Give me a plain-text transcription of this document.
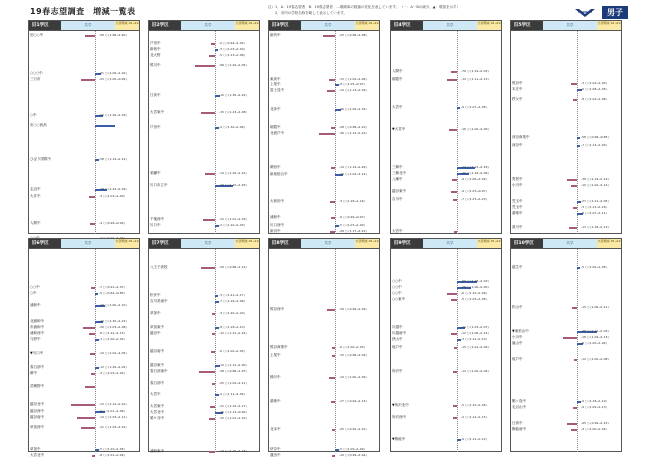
19春志望調査　増減一覧表	注）1．A：19春志望者　B：19春志望者　…増減率の数値の変化を表しています。
　　2．市内の学校名称を略して表示しています。
（－：A－Bの減少、▲：増加を示す）
男子
旧1学区	共学	志望増減 18→19
旧○○中	-56 ○ (1.68→1.60)
○○○中	-31 ○ (1.09→1.02)
三日市	-25 ○ (1.00→0.99)
○中	-53 ○ (1.20→1.03)
市○○西高
ひばり国際中	-58 ○ (1.14→1.14)
志辺中	-18 ○ (1.24→1.09)
大井中	-3 ○ (1.03→1.00)
入間中	-4 ○ (0.96→0.94)
旧2学区	共学	志望増減 18→19
戸田中	-2 ○ (0.94→1.02)
新宿中	-3 ○ (1.03→1.00)
北大野	-5 ○ (1.13→1.08)
熊川中	-68 ○ (1.29→1.05)
日高中	-10 ○ (1.30→1.24)
大宮東中	-15 ○ (1.23→1.08)
戸田中	-9 ○ (1.30→1.06)
梁瀬中	-14 ○ (1.20→1.22)
川口市立中	-43 ○ (1.10→1.25)
千葉西中	-12 ○ (1.01→1.03)
川口中	-2 ○ (1.10→1.03)
旧3学区	共学	志望増減 18→19
新所中	-23 ○ (0.98→1.08)
東高中	-13 ○ (1.02→1.06)
上尾中	-8 ○ (1.05→0.97)
富士見中	-14 ○ (1.13→1.09)
北条中	-46 ○ (1.09→1.32)
朝霞中	-28 ○ (0.98→1.10)
北坂戸中	-36 ○ (1.14→1.43)
蕨西中	-14 ○ (1.14→1.26)
新座総合中	-23 ○ (1.04→1.14)
大和田中	-3 ○ (1.18→1.16)
浦和中	-6 ○ (0.99→0.97)
川口西中	-5 ○ (1.03→1.00)
新羽中	-28 ○ (1.17→1.22)
旧4学区	共学	志望増減 18→19
入間中	-76 ○ (1.19→1.03)
朝霞中	-12 ○ (1.11→1.13)
大宮中	-9 ○ (1.07→1.05)
▼大宮中	-16 ○ (1.00→1.09)
三郷中	-14 ○ (1.12→1.18)
三郷北中	-20 ○ (1.18→1.06)
八潮中	-9 ○ (1.06→1.02)
越谷東中	-9 ○ (1.03→0.97)
吉川中	-7 ○ (1.23→1.23)
大宮中
旧5学区	共学	志望増減 18→19
熊谷中	-3 ○ (1.02→1.00)
本庄中	-6 ○ (1.08→1.05)
秩父中	-8 ○ (1.02→1.06)
深谷商業中	-58 ○ (0.98→0.85)
深谷中	-7 ○ (1.13→1.09)
寄居中	-38 ○ (1.19→1.19)
小川中	-10 ○ (1.02→1.14)
児玉中	-27 ○ (1.21→1.05)
児玉中	-3 ○ (1.13→1.16)
鴻巣中	-8 ○ (1.07→1.11)
滑川中	-13 ○ (1.18→1.13)
旧6学区	共学	志望増減 18→19
○○中	-7 ○ (0.91→1.07)
○中	-5 ○ (0.84→0.85)
浦和中	-19 ○ (1.00→1.10)
北浦和中	-13 ○ (1.30→1.22)
市浦和中	-20 ○ (1.03→1.08)
浦和西中	-8 ○ (1.22→1.15)
与野中	-3 ○ (1.00→1.02)
▼川口中	-10 ○ (1.02→1.05)
春日部中	-12 ○ (1.20→1.02)
蕨中	-4 ○ (1.03→1.02)
武蔵野中
越谷北中	-13 ○ (1.12→1.01)
越谷西中	-9 ○ (1.01→1.06)
越谷南中	-14 ○ (1.03→1.11)
草加西中	-11 ○ (1.03→1.01)
草加中	-5 ○ (1.10→1.05)
大宮北中	-8 ○ (1.01→1.04)
旧7学区	共学	志望増減 18→19
八王子高校	-34 ○ (0.86→1.12)
松伏中	-3 ○ (1.41→1.17)
吉川美南中	-7 ○ (1.16→1.08)
草加中	-3 ○ (1.20→1.20)
草加東中	-8 ○ (1.18→1.10)
越谷中	-12 ○ (1.21→1.24)
越谷南中	-6 ○ (1.00→1.05)
越谷東中	-10 ○ (1.11→1.00)
春日部東中	-38 ○ (0.86→1.07)
春日部中	-25 ○ (1.02→1.11)
大宮中	-9 ○ (1.11→1.04)
大宮東中	-11 ○ (1.10→1.17)
大宮北中	-16 ○ (1.13→0.99)
鳩ケ谷中	-15 ○ (1.01→1.10)
浦和東中	-13 ○ (1.29→1.16)
旧8学区	共学	志望増減 18→19
熊谷西中	-39 ○ (0.99→1.09)
熊谷商業中	-6 ○ (1.00→1.03)
上尾中	-15 ○ (0.98→1.04)
桶川中	-10 ○ (1.00→1.09)
鴻巣中	-17 ○ (0.94→1.14)
北本中	-25 ○ (0.92→1.01)
伊奈中	-5 ○ (1.09→1.09)
蓮田中	-10 ○ (0.99→1.04)
旧9学区	共学	志望増減 18→19
○○中	-50 ○ (1.28→1.03)
○○中	-28 ○ (1.00→1.00)
○○中	-6 ○ (1.10→1.09)
○○東中	-5 ○ (1.03→1.05)
川越中	-14 ○ (1.03→1.07)
川越南中	-12 ○ (1.06→1.14)
狭山中	-3 ○ (1.12→1.10)
坂戸中	-15 ○ (1.01→1.09)
所沢中	-14 ○ (1.00→1.04)
▼所沢北中	-5 ○ (1.10→1.05)
所沢西中	-2 ○ (1.12→1.15)
▼飯能中	-9 ○ (1.12→1.12)
旧10学区	共学	志望増減 18→19
越生中	-5 ○ (1.09→1.05)
松山中	-15 ○ (1.06→1.11)
▼東松山中	-48 ○ (1.21→1.03)
小川中	-18 ○ (1.09→1.13)
嵐山中	-8 ○ (1.00→1.04)
坂戸中	-12 ○ (1.00→1.08)
鶴ヶ島中	-9 ○ (1.18→1.10)
毛呂山中	-9 ○ (1.09→1.13)
日高中	-65 ○ (0.99→1.15)
飯能南中	-4 ○ (1.00→1.04)
